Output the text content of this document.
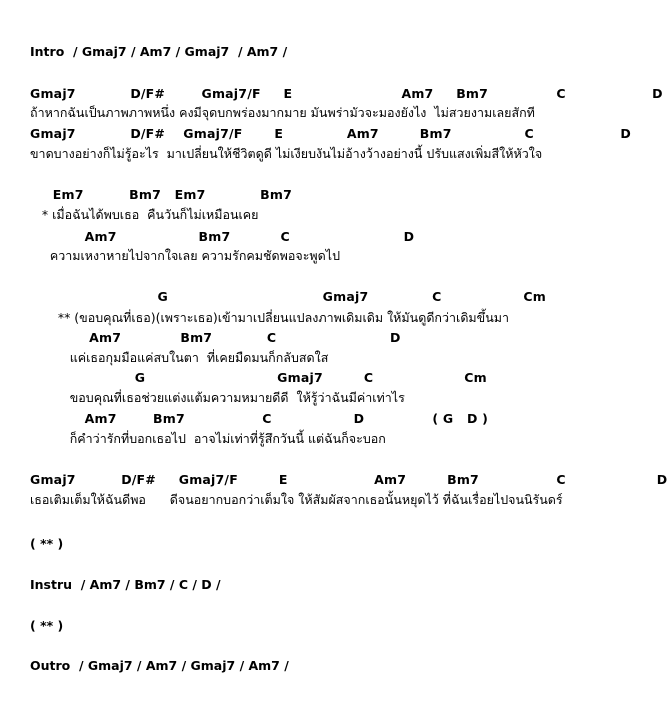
Intro  / Gmaj7 / Am7 / Gmaj7  / Am7 /
Gmaj7            D/F#        Gmaj7/F     E                        Am7     Bm7               C                   D
ถ้าหากฉันเป็นภาพภาพหนึ่ง คงมีจุดบกพร่องมากมาย มันพร่ามัวจะมองยังไง  ไม่สวยงามเลยสักที
Gmaj7            D/F#    Gmaj7/F       E              Am7         Bm7                C                   D
ขาดบางอย่างก็ไม่รู้อะไร  มาเปลี่ยนให้ชีวิตดูดี ไม่เงียบงันไม่อ้างว้างอย่างนี้ ปรับแสงเพิ่มสีให้หัวใจ
Em7          Bm7   Em7            Bm7
* เมื่อฉันได้พบเธอ  คืนวันก็ไม่เหมือนเคย
Am7                  Bm7           C                         D
ความเหงาหายไปจากใจเลย ความรักคมชัดพอจะพูดไป
G                                  Gmaj7              C                  Cm
** (ขอบคุณที่เธอ)(เพราะเธอ)เข้ามาเปลี่ยนแปลงภาพเดิมเดิม ให้มันดูดีกว่าเดิมขึ้นมา
Am7             Bm7            C                         D
แค่เธอกุมมือแค่สบในตา  ที่เคยมืดมนก็กลับสดใส
G                             Gmaj7         C                    Cm
ขอบคุณที่เธอช่วยแต่งแต้มความหมายดีดี  ให้รู้ว่าฉันมีค่าเท่าไร
Am7        Bm7                 C                  D               ( G   D )
ก็คำว่ารักที่บอกเธอไป  อาจไม่เท่าที่รู้สึกวันนี้ แต่ฉันก็จะบอก
Gmaj7          D/F#     Gmaj7/F         E                   Am7         Bm7                 C                    D
เธอเติมเต็มให้ฉันดีพอ      ดีจนอยากบอกว่าเต็มใจ ให้สัมผัสจากเธอนั้นหยุดไว้ ที่ฉันเรื่อยไปจนนิรันดร์
( ** )
Instru  / Am7 / Bm7 / C / D /
( ** )
Outro  / Gmaj7 / Am7 / Gmaj7 / Am7 /
